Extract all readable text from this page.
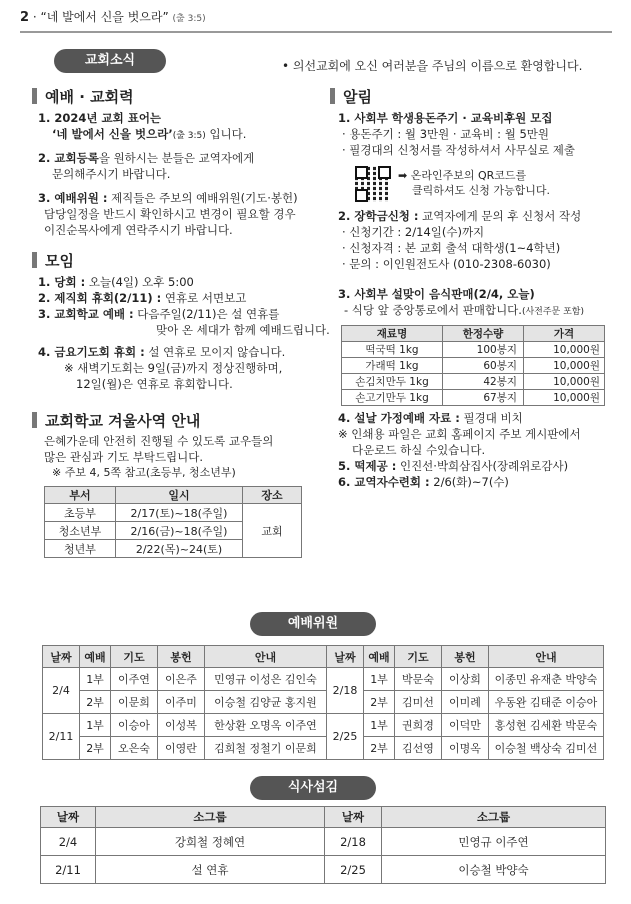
2 · “네 발에서 신을 벗으라” (출 3:5)
교회소식	• 의선교회에 오신 여러분을 주님의 이름으로 환영합니다.
예배 · 교회력
1. 2024년 교회 표어는
‘네 발에서 신을 벗으라’(출 3:5) 입니다.
2. 교회등록을 원하시는 분들은 교역자에게
문의해주시기 바랍니다.
3. 예배위원 : 제직들은 주보의 예배위원(기도·봉헌)
담당일정을 반드시 확인하시고 변경이 필요할 경우
이진순목사에게 연락주시기 바랍니다.
모임
1. 당회 : 오늘(4일) 오후 5:00
2. 제직회 휴회(2/11) : 연휴로 서면보고
3. 교회학교 예배 : 다음주일(2/11)은 설 연휴를
맞아 온 세대가 함께 예배드립니다.
4. 금요기도회 휴회 : 설 연휴로 모이지 않습니다.
※ 새벽기도회는 9일(금)까지 정상진행하며,
12일(월)은 연휴로 휴회합니다.
교회학교 겨울사역 안내
은혜가운데 안전히 진행될 수 있도록 교우들의
많은 관심과 기도 부탁드립니다.
※ 주보 4, 5쪽 참고(초등부, 청소년부)
부서	일시	장소
초등부	2/17(토)~18(주일)	교회
청소년부	2/16(금)~18(주일)	
청년부	2/22(목)~24(토)	
알림
1. 사회부 학생용돈주기 · 교육비후원 모집
· 용돈주기 : 월 3만원 · 교육비 : 월 5만원
· 필경대의 신청서를 작성하셔서 사무실로 제출
➡ 온라인주보의 QR코드를
클릭하셔도 신청 가능합니다.
2. 장학금신청 : 교역자에게 문의 후 신청서 작성
· 신청기간 : 2/14일(수)까지
· 신청자격 : 본 교회 출석 대학생(1~4학년)
· 문의 : 이인원전도사 (010-2308-6030)
3. 사회부 설맞이 음식판매(2/4, 오늘)
- 식당 앞 중앙통로에서 판매합니다.(사전주문 포함)
재료명	한정수량	가격
떡국떡 1kg	100봉지	10,000원
가래떡 1kg	60봉지	10,000원
손김치만두 1kg	42봉지	10,000원
손고기만두 1kg	67봉지	10,000원
4. 설날 가정예배 자료 : 필경대 비치
※ 인쇄용 파일은 교회 홈페이지 주보 게시판에서
다운로드 하실 수있습니다.
5. 떡제공 : 인진선·박희삼집사(장례위로감사)
6. 교역자수련회 : 2/6(화)~7(수)
예배위원
날짜	예배	기도	봉헌	안내	날짜	예배	기도	봉헌	안내
2/4	1부	이주연	이은주	민영규 이성은 김인숙	2/18	1부	박문숙	이상희	이종민 유재춘 박양숙
	2부	이문희	이주미	이승철 김양균 홍지원		2부	김미선	이미례	우동완 김태준 이승아
2/11	1부	이승아	이성복	한상환 오명옥 이주연	2/25	1부	권희경	이덕만	홍성현 김세환 박문숙
	2부	오은숙	이영란	김희철 정철기 이문희		2부	김선영	이명옥	이승철 백상숙 김미선
식사섬김
날짜	소그룹	날짜	소그룹
2/4	강희철 정혜연	2/18	민영규 이주연
2/11	설 연휴	2/25	이승철 박양숙
